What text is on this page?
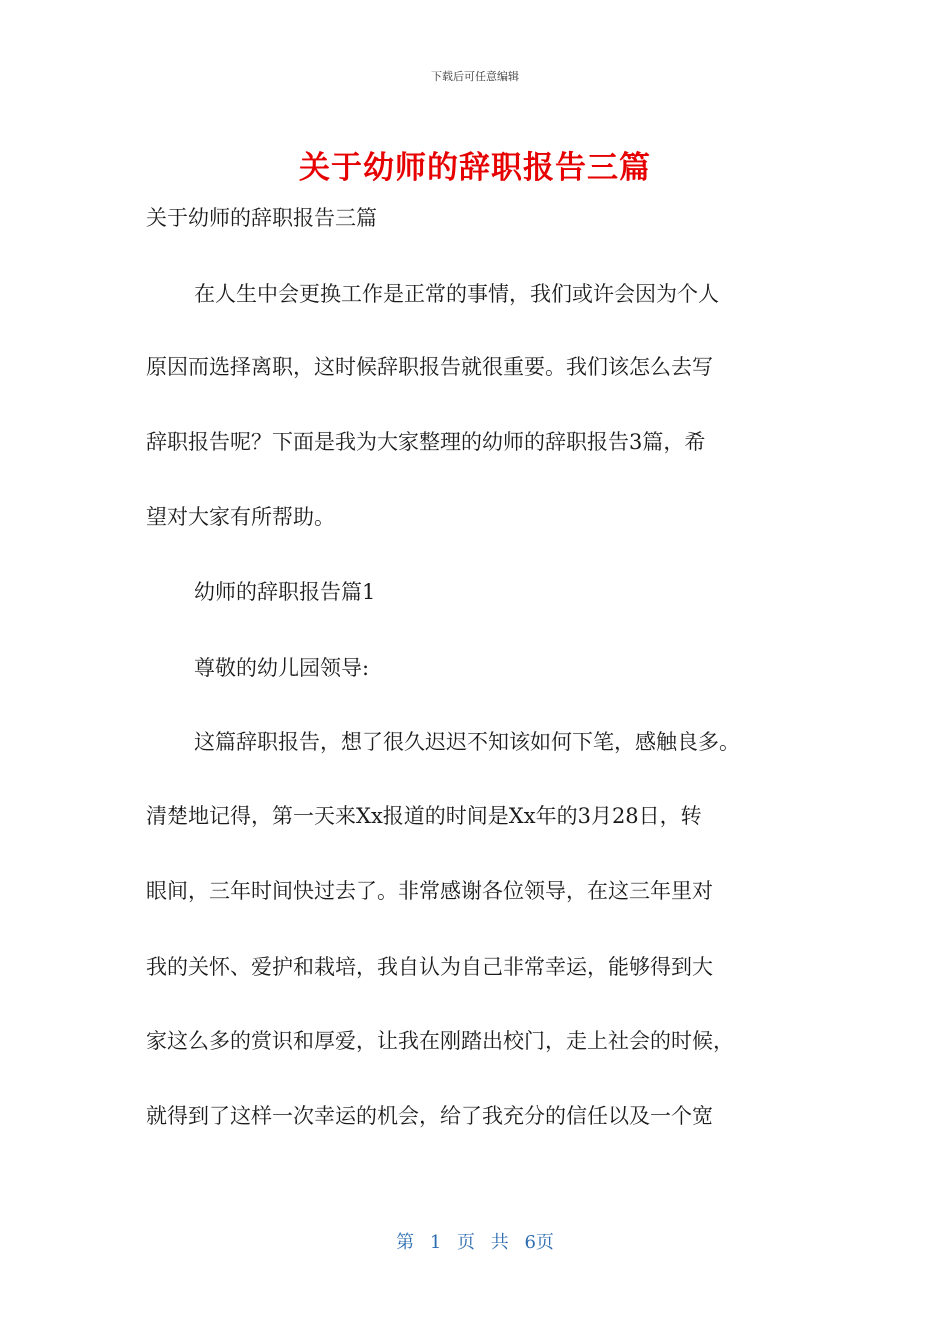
下载后可任意编辑
关于幼师的辞职报告三篇
关于幼师的辞职报告三篇
在人生中会更换工作是正常的事情，我们或许会因为个人
原因而选择离职，这时候辞职报告就很重要。我们该怎么去写
辞职报告呢？下面是我为大家整理的幼师的辞职报告3篇，希
望对大家有所帮助。
幼师的辞职报告篇1
尊敬的幼儿园领导:
这篇辞职报告，想了很久迟迟不知该如何下笔，感触良多。
清楚地记得，第一天来Xx报道的时间是Xx年的3月28日，转
眼间，三年时间快过去了。非常感谢各位领导，在这三年里对
我的关怀、爱护和栽培，我自认为自己非常幸运，能够得到大
家这么多的赏识和厚爱，让我在刚踏出校门，走上社会的时候，
就得到了这样一次幸运的机会，给了我充分的信任以及一个宽
第 1 页 共 6页
